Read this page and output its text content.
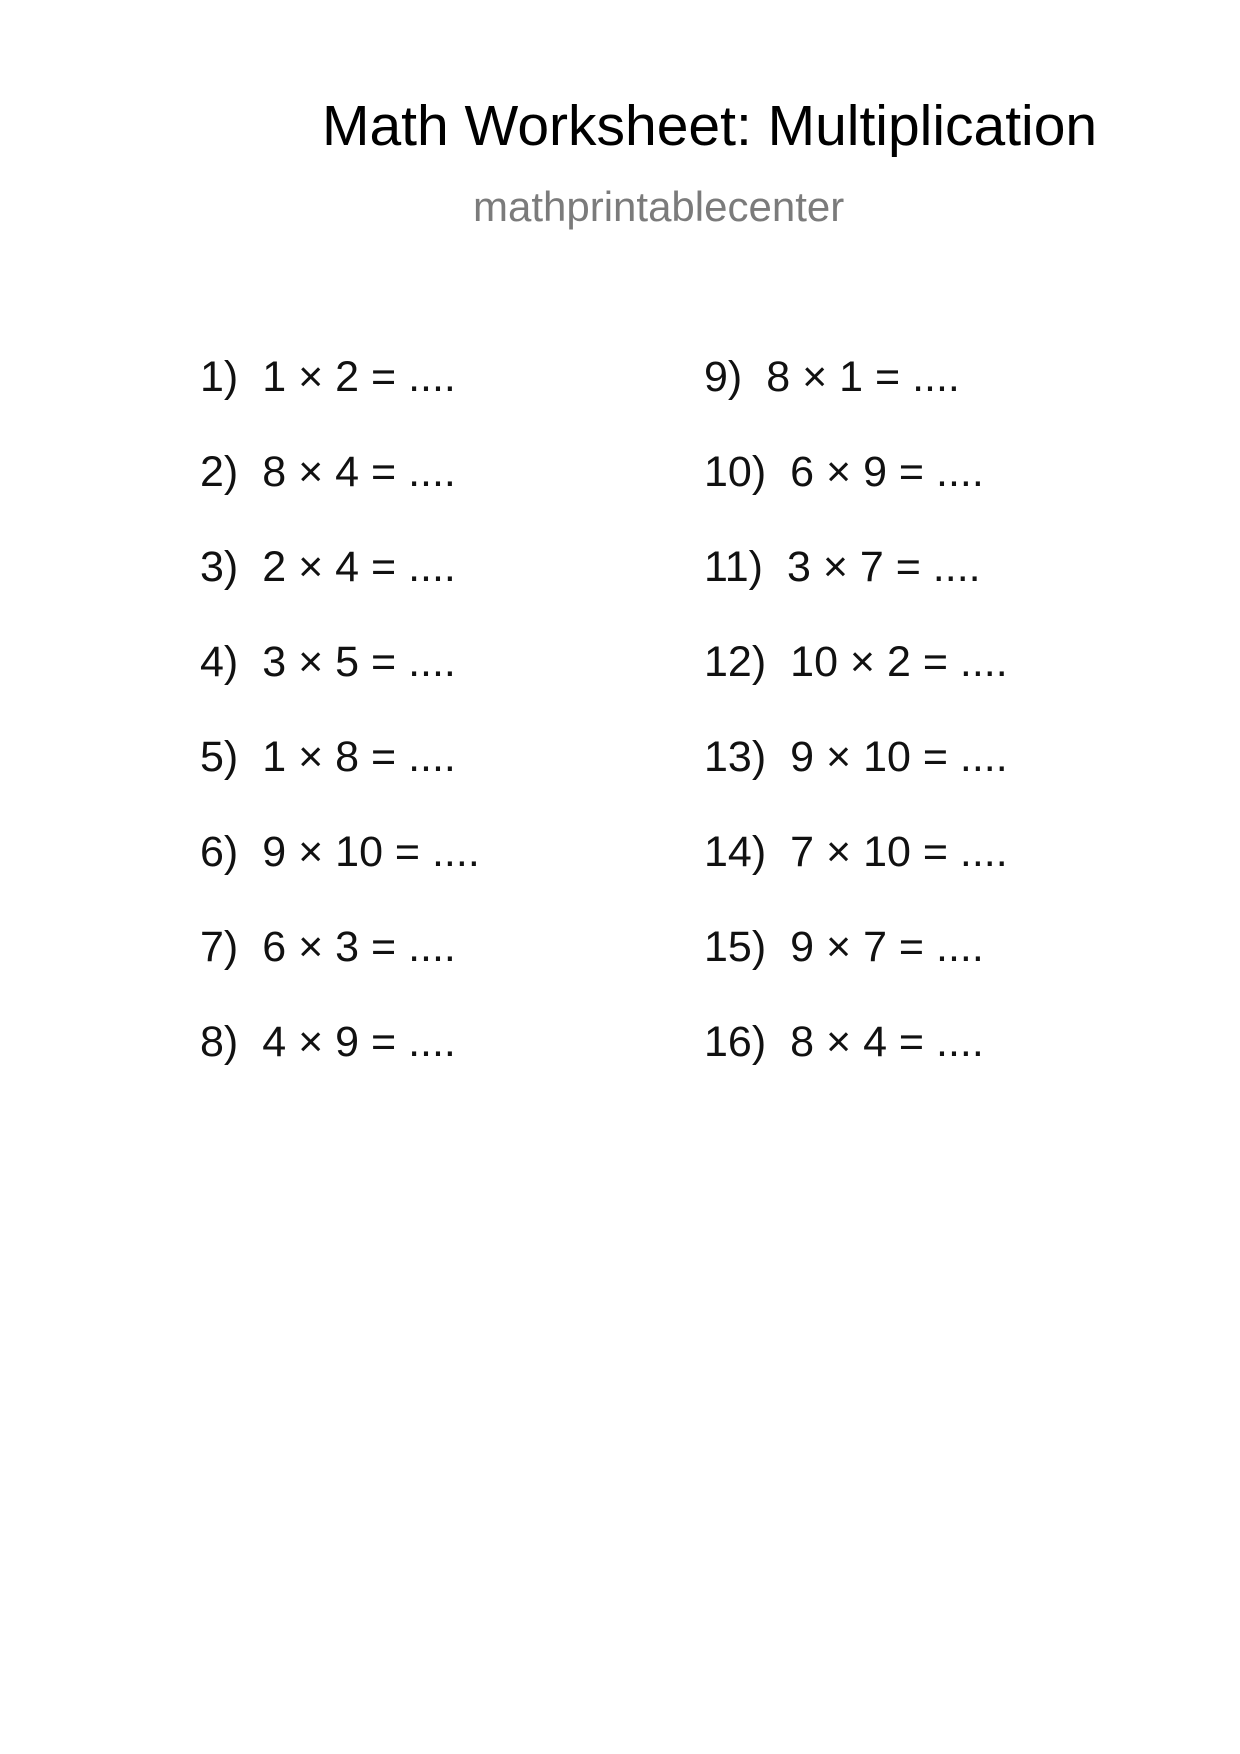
Math Worksheet: Multiplication
mathprintablecenter
1) 1 × 2 = ....
2) 8 × 4 = ....
3) 2 × 4 = ....
4) 3 × 5 = ....
5) 1 × 8 = ....
6) 9 × 10 = ....
7) 6 × 3 = ....
8) 4 × 9 = ....
9) 8 × 1 = ....
10) 6 × 9 = ....
11) 3 × 7 = ....
12) 10 × 2 = ....
13) 9 × 10 = ....
14) 7 × 10 = ....
15) 9 × 7 = ....
16) 8 × 4 = ....
